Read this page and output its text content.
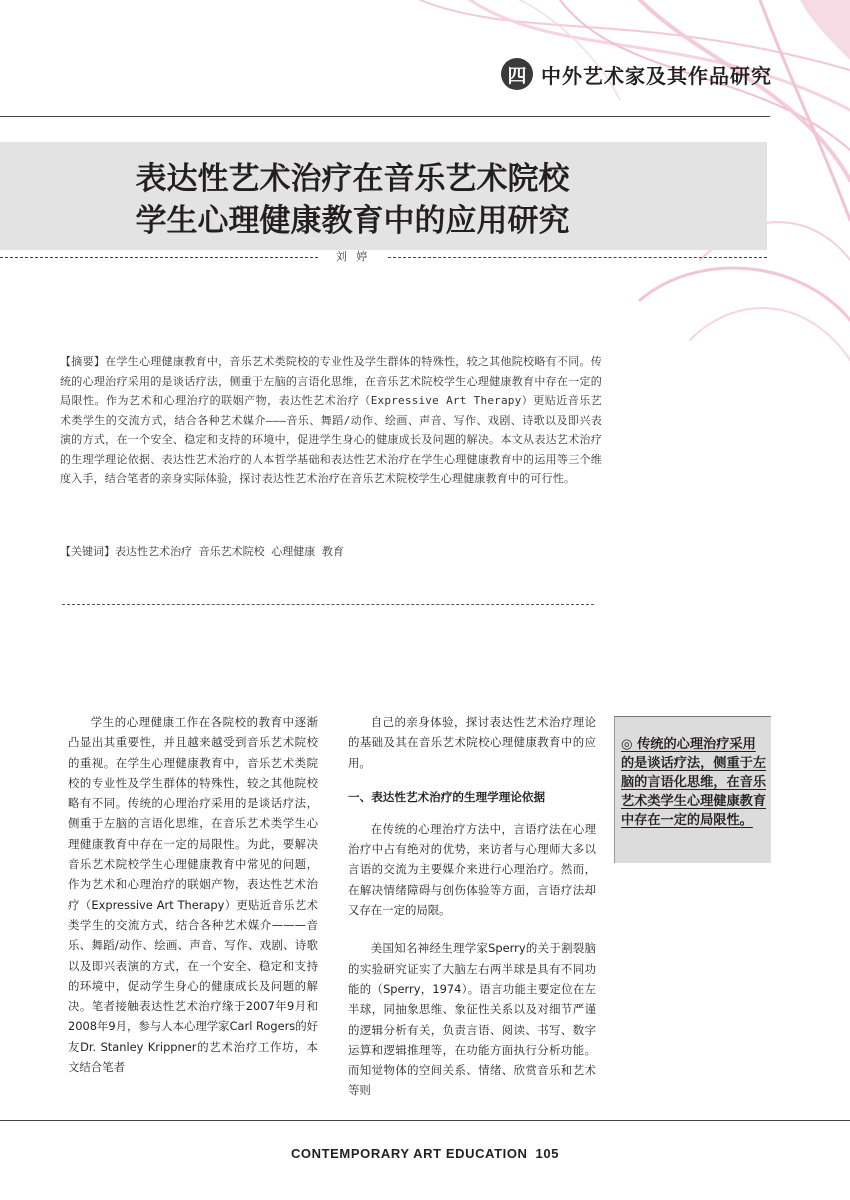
四 中外艺术家及其作品研究
表达性艺术治疗在音乐艺术院校
学生心理健康教育中的应用研究
刘 婷
【摘要】在学生心理健康教育中，音乐艺术类院校的专业性及学生群体的特殊性，较之其他院校略有不同。传统的心理治疗采用的是谈话疗法，侧重于左脑的言语化思维，在音乐艺术院校学生心理健康教育中存在一定的局限性。作为艺术和心理治疗的联姻产物，表达性艺术治疗（Expressive Art Therapy）更贴近音乐艺术类学生的交流方式，结合各种艺术媒介———音乐、舞蹈/动作、绘画、声音、写作、戏剧、诗歌以及即兴表演的方式，在一个安全、稳定和支持的环境中，促进学生身心的健康成长及问题的解决。本文从表达艺术治疗的生理学理论依据、表达性艺术治疗的人本哲学基础和表达性艺术治疗在学生心理健康教育中的运用等三个维度入手，结合笔者的亲身实际体验，探讨表达性艺术治疗在音乐艺术院校学生心理健康教育中的可行性。
【关键词】表达性艺术治疗 音乐艺术院校 心理健康 教育

学生的心理健康工作在各院校的教育中逐渐凸显出其重要性，并且越来越受到音乐艺术院校的重视。在学生心理健康教育中，音乐艺术类院校的专业性及学生群体的特殊性，较之其他院校略有不同。传统的心理治疗采用的是谈话疗法，侧重于左脑的言语化思维，在音乐艺术类学生心理健康教育中存在一定的局限性。为此，要解决音乐艺术院校学生心理健康教育中常见的问题，作为艺术和心理治疗的联姻产物，表达性艺术治疗（Expressive Art Therapy）更贴近音乐艺术类学生的交流方式，结合各种艺术媒介———音乐、舞蹈/动作、绘画、声音、写作、戏剧、诗歌以及即兴表演的方式，在一个安全、稳定和支持的环境中，促动学生身心的健康成长及问题的解决。笔者接触表达性艺术治疗缘于2007年9月和2008年9月，参与人本心理学家Carl Rogers的好友Dr. Stanley Krippner的艺术治疗工作坊，本文结合笔者

自己的亲身体验，探讨表达性艺术治疗理论的基础及其在音乐艺术院校心理健康教育中的应用。

一、表达性艺术治疗的生理学理论依据

在传统的心理治疗方法中，言语疗法在心理治疗中占有绝对的优势，来访者与心理师大多以言语的交流为主要媒介来进行心理治疗。然而，在解决情绪障碍与创伤体验等方面，言语疗法却又存在一定的局限。

美国知名神经生理学家Sperry的关于割裂脑的实验研究证实了大脑左右两半球是具有不同功能的（Sperry，1974）。语言功能主要定位在左半球，同抽象思维、象征性关系以及对细节严谨的逻辑分析有关，负责言语、阅读、书写、数字运算和逻辑推理等，在功能方面执行分析功能。而知觉物体的空间关系、情绪、欣赏音乐和艺术等则

◎ 传统的心理治疗采用的是谈话疗法，侧重于左脑的言语化思维，在音乐艺术类学生心理健康教育中存在一定的局限性。
CONTEMPORARY ART EDUCATION 105
